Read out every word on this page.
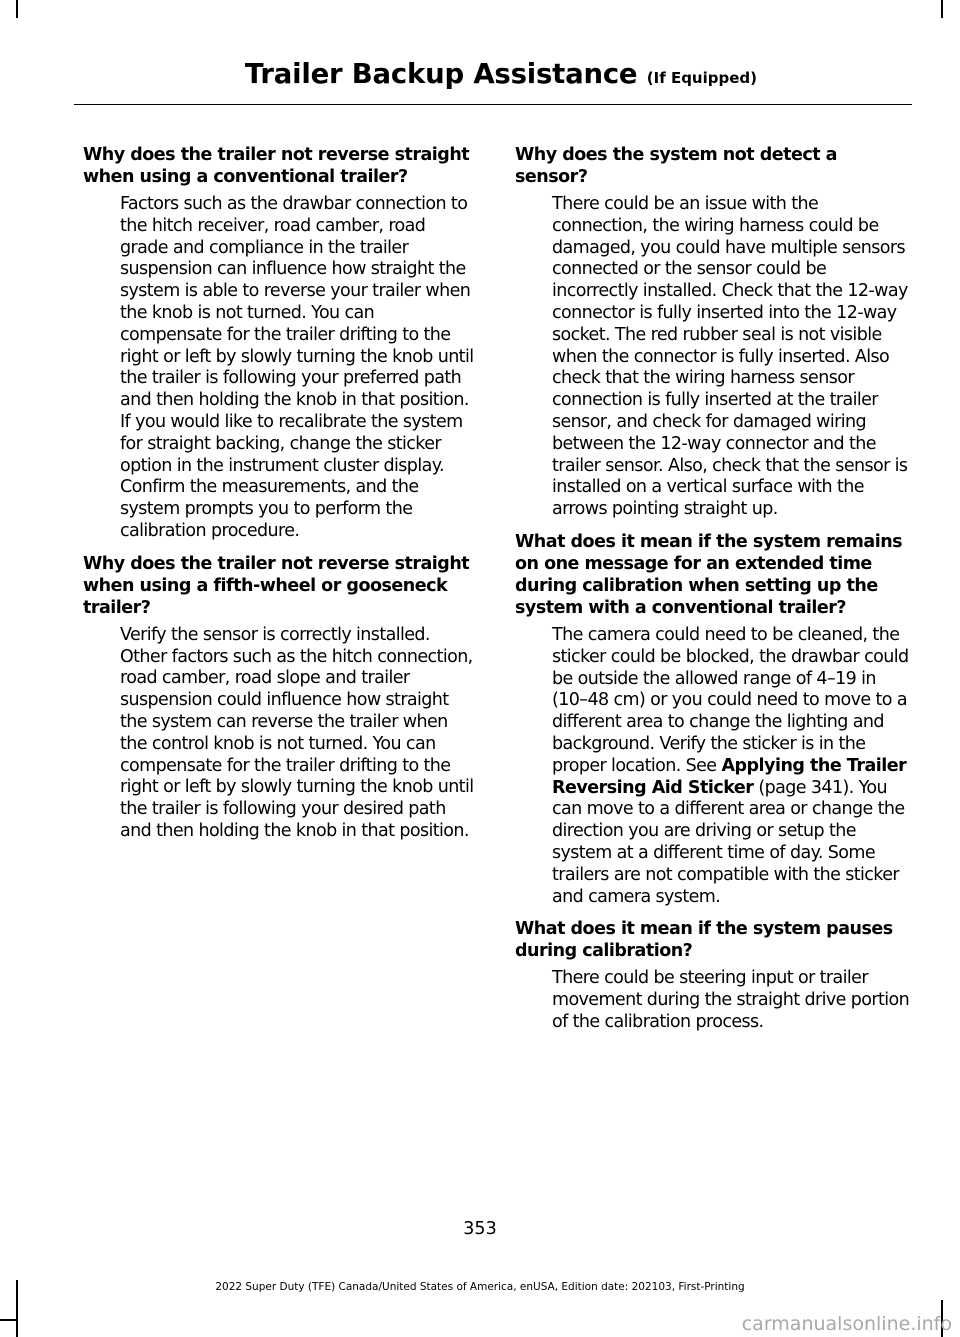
Trailer Backup Assistance (If Equipped)
Why does the trailer not reverse straight when using a conventional trailer?

Factors such as the drawbar connection to the hitch receiver, road camber, road grade and compliance in the trailer suspension can influence how straight the system is able to reverse your trailer when the knob is not turned. You can compensate for the trailer drifting to the right or left by slowly turning the knob until the trailer is following your preferred path and then holding the knob in that position. If you would like to recalibrate the system for straight backing, change the sticker option in the instrument cluster display. Confirm the measurements, and the system prompts you to perform the calibration procedure.

Why does the trailer not reverse straight when using a fifth-wheel or gooseneck trailer?

Verify the sensor is correctly installed. Other factors such as the hitch connection, road camber, road slope and trailer suspension could influence how straight the system can reverse the trailer when the control knob is not turned. You can compensate for the trailer drifting to the right or left by slowly turning the knob until the trailer is following your desired path and then holding the knob in that position.

Why does the system not detect a sensor?

There could be an issue with the connection, the wiring harness could be damaged, you could have multiple sensors connected or the sensor could be incorrectly installed. Check that the 12-way connector is fully inserted into the 12-way socket. The red rubber seal is not visible when the connector is fully inserted. Also check that the wiring harness sensor connection is fully inserted at the trailer sensor, and check for damaged wiring between the 12-way connector and the trailer sensor. Also, check that the sensor is installed on a vertical surface with the arrows pointing straight up.

What does it mean if the system remains on one message for an extended time during calibration when setting up the system with a conventional trailer?

The camera could need to be cleaned, the sticker could be blocked, the drawbar could be outside the allowed range of 4–19 in (10–48 cm) or you could need to move to a different area to change the lighting and background. Verify the sticker is in the proper location. See Applying the Trailer Reversing Aid Sticker (page 341). You can move to a different area or change the direction you are driving or setup the system at a different time of day. Some trailers are not compatible with the sticker and camera system.

What does it mean if the system pauses during calibration?

There could be steering input or trailer movement during the straight drive portion of the calibration process.

353
2022 Super Duty (TFE) Canada/United States of America, enUSA, Edition date: 202103, First-Printing
carmanualsonline.info
